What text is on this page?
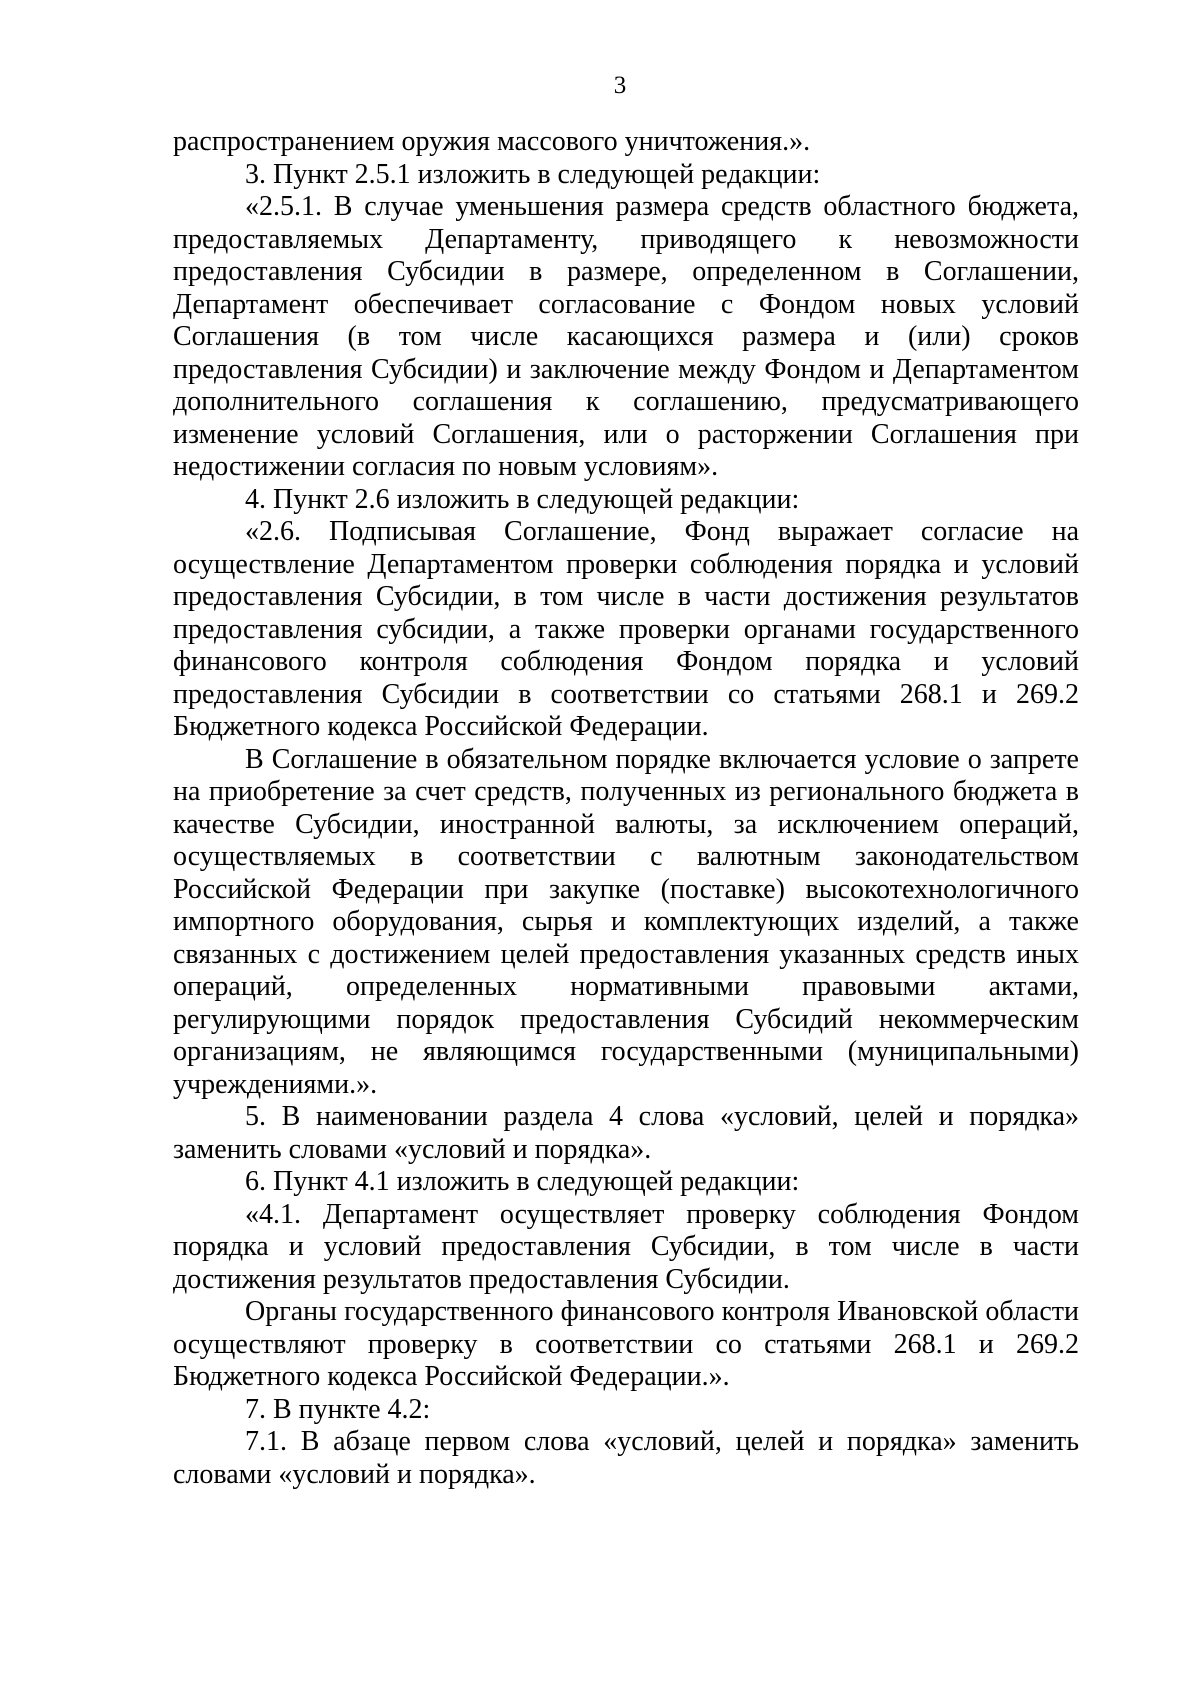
3

распространением оружия массового уничтожения.».

3. Пункт 2.5.1 изложить в следующей редакции:

«2.5.1. В случае уменьшения размера средств областного бюджета, предоставляемых Департаменту, приводящего к невозможности предоставления Субсидии в размере, определенном в Соглашении, Департамент обеспечивает согласование с Фондом новых условий Соглашения (в том числе касающихся размера и (или) сроков предоставления Субсидии) и заключение между Фондом и Департаментом дополнительного соглашения к соглашению, предусматривающего изменение условий Соглашения, или о расторжении Соглашения при недостижении согласия по новым условиям».

4. Пункт 2.6 изложить в следующей редакции:

«2.6. Подписывая Соглашение, Фонд выражает согласие на осуществление Департаментом проверки соблюдения порядка и условий предоставления Субсидии, в том числе в части достижения результатов предоставления субсидии, а также проверки органами государственного финансового контроля соблюдения Фондом порядка и условий предоставления Субсидии в соответствии со статьями 268.1 и 269.2 Бюджетного кодекса Российской Федерации.

В Соглашение в обязательном порядке включается условие о запрете на приобретение за счет средств, полученных из регионального бюджета в качестве Субсидии, иностранной валюты, за исключением операций, осуществляемых в соответствии с валютным законодательством Российской Федерации при закупке (поставке) высокотехнологичного импортного оборудования, сырья и комплектующих изделий, а также связанных с достижением целей предоставления указанных средств иных операций, определенных нормативными правовыми актами, регулирующими порядок предоставления Субсидий некоммерческим организациям, не являющимся государственными (муниципальными) учреждениями.».

5. В наименовании раздела 4 слова «условий, целей и порядка» заменить словами «условий и порядка».

6. Пункт 4.1 изложить в следующей редакции:

«4.1. Департамент осуществляет проверку соблюдения Фондом порядка и условий предоставления Субсидии, в том числе в части достижения результатов предоставления Субсидии.

Органы государственного финансового контроля Ивановской области осуществляют проверку в соответствии со статьями 268.1 и 269.2 Бюджетного кодекса Российской Федерации.».

7. В пункте 4.2:

7.1. В абзаце первом слова «условий, целей и порядка» заменить словами «условий и порядка».
